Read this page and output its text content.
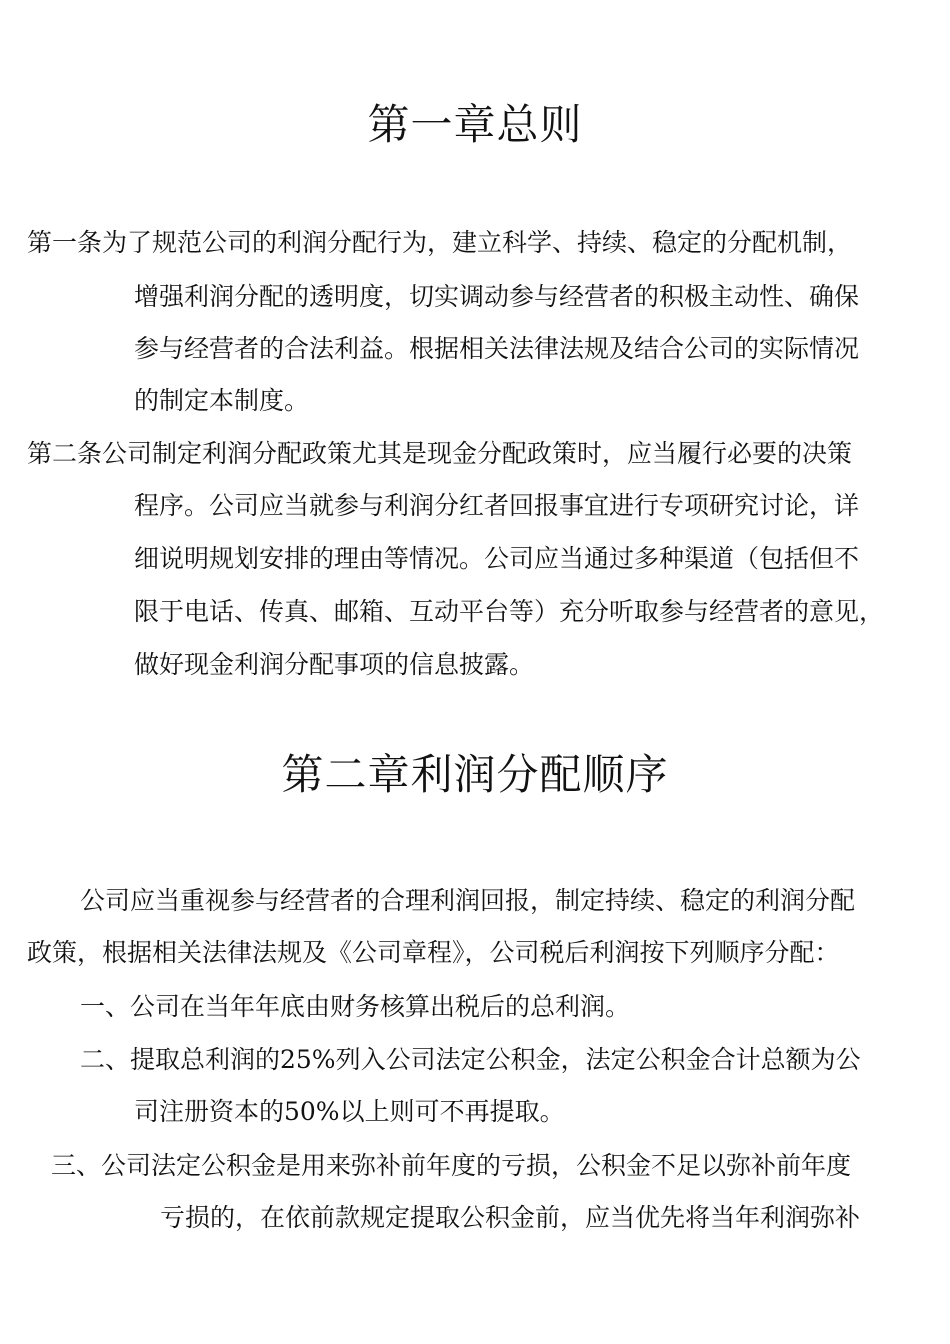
第一章总则

第一条为了规范公司的利润分配行为，建立科学、持续、稳定的分配机制，

增强利润分配的透明度，切实调动参与经营者的积极主动性、确保

参与经营者的合法利益。根据相关法律法规及结合公司的实际情况

的制定本制度。

第二条公司制定利润分配政策尤其是现金分配政策时，应当履行必要的决策

程序。公司应当就参与利润分红者回报事宜进行专项研究讨论，详

细说明规划安排的理由等情况。公司应当通过多种渠道（包括但不

限于电话、传真、邮箱、互动平台等）充分听取参与经营者的意见，

做好现金利润分配事项的信息披露。

第二章利润分配顺序

公司应当重视参与经营者的合理利润回报，制定持续、稳定的利润分配

政策，根据相关法律法规及《公司章程》，公司税后利润按下列顺序分配：

一、公司在当年年底由财务核算出税后的总利润。

二、提取总利润的25%列入公司法定公积金，法定公积金合计总额为公

司注册资本的50%以上则可不再提取。

三、公司法定公积金是用来弥补前年度的亏损，公积金不足以弥补前年度

亏损的，在依前款规定提取公积金前，应当优先将当年利润弥补
